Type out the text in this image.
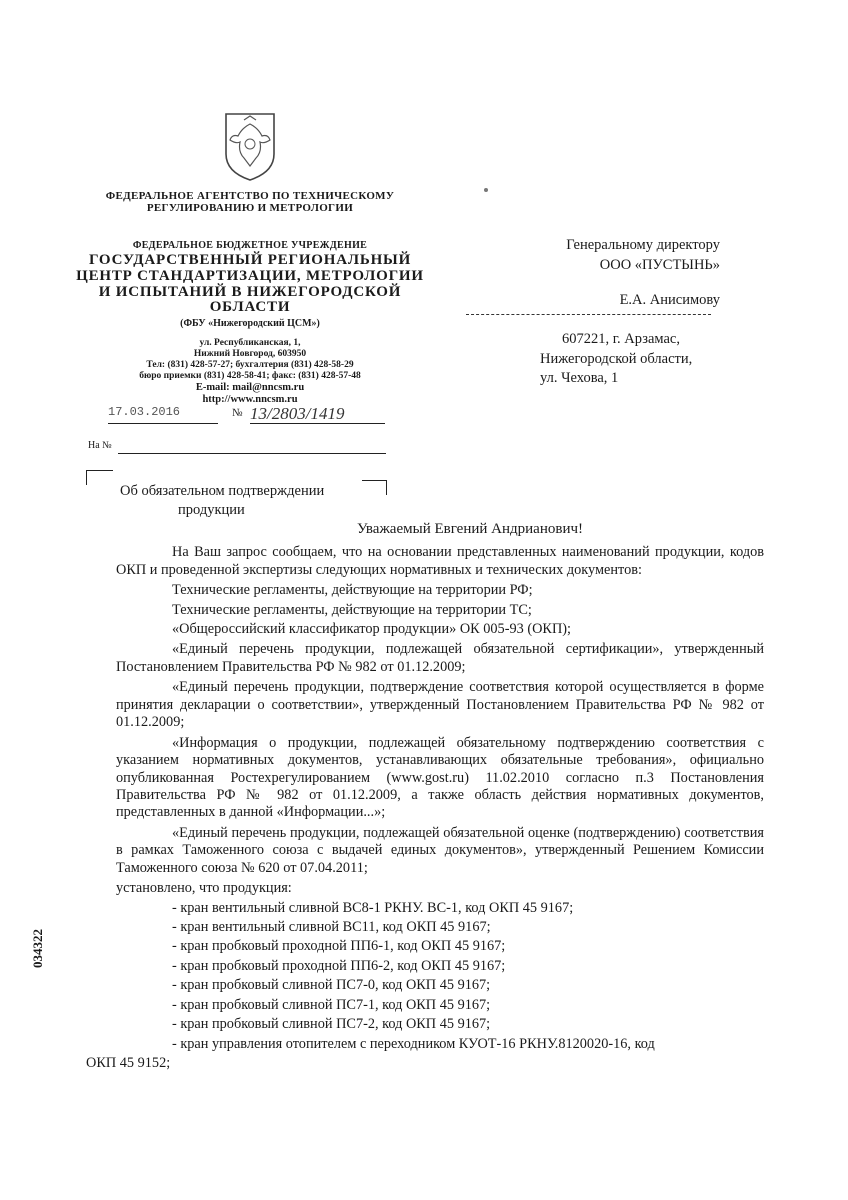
ФЕДЕРАЛЬНОЕ АГЕНТСТВО ПО ТЕХНИЧЕСКОМУ РЕГУЛИРОВАНИЮ И МЕТРОЛОГИИ
ФЕДЕРАЛЬНОЕ БЮДЖЕТНОЕ УЧРЕЖДЕНИЕ
ГОСУДАРСТВЕННЫЙ РЕГИОНАЛЬНЫЙ ЦЕНТР СТАНДАРТИЗАЦИИ, МЕТРОЛОГИИ И ИСПЫТАНИЙ В НИЖЕГОРОДСКОЙ ОБЛАСТИ
(ФБУ «Нижегородский ЦСМ»)
ул. Республиканская, 1,
Нижний Новгород, 603950
Тел: (831) 428-57-27; бухгалтерия (831) 428-58-29
бюро приемки (831) 428-58-41; факс: (831) 428-57-48
E-mail: mail@nncsm.ru
http://www.nncsm.ru
17.03.2016	№ 13/2803/1419
На №
Об обязательном подтверждении
продукции
Генеральному директору
ООО «ПУСТЫНЬ»
Е.А. Анисимову
607221, г. Арзамас,
Нижегородской области,
ул. Чехова, 1
034322
Уважаемый Евгений Андрианович!
На Ваш запрос сообщаем, что на основании представленных наименований продукции, кодов ОКП и проведенной экспертизы следующих нормативных и технических документов:
Технические регламенты, действующие на территории РФ;
Технические регламенты, действующие на территории ТС;
«Общероссийский классификатор продукции» ОК 005-93 (ОКП);
«Единый перечень продукции, подлежащей обязательной сертификации», утвержденный Постановлением Правительства РФ № 982 от 01.12.2009;
«Единый перечень продукции, подтверждение соответствия которой осуществляется в форме принятия декларации о соответствии», утвержденный Постановлением Правительства РФ № 982 от 01.12.2009;
«Информация о продукции, подлежащей обязательному подтверждению соответствия с указанием нормативных документов, устанавливающих обязательные требования», официально опубликованная Ростехрегулированием (www.gost.ru) 11.02.2010 согласно п.3 Постановления Правительства РФ № 982 от 01.12.2009, а также область действия нормативных документов, представленных в данной «Информации...»;
«Единый перечень продукции, подлежащей обязательной оценке (подтверждению) соответствия в рамках Таможенного союза с выдачей единых документов», утвержденный Решением Комиссии Таможенного союза № 620 от 07.04.2011;
установлено, что продукция:
- кран вентильный сливной ВС8-1 РКНУ. ВС-1, код ОКП 45 9167;
- кран вентильный сливной ВС11, код ОКП 45 9167;
- кран пробковый проходной ПП6-1, код ОКП 45 9167;
- кран пробковый проходной ПП6-2, код ОКП 45 9167;
- кран пробковый сливной ПС7-0, код ОКП 45 9167;
- кран пробковый сливной ПС7-1, код ОКП 45 9167;
- кран пробковый сливной ПС7-2, код ОКП 45 9167;
- кран управления отопителем с переходником КУОТ-16 РКНУ.8120020-16, код
ОКП 45 9152;
